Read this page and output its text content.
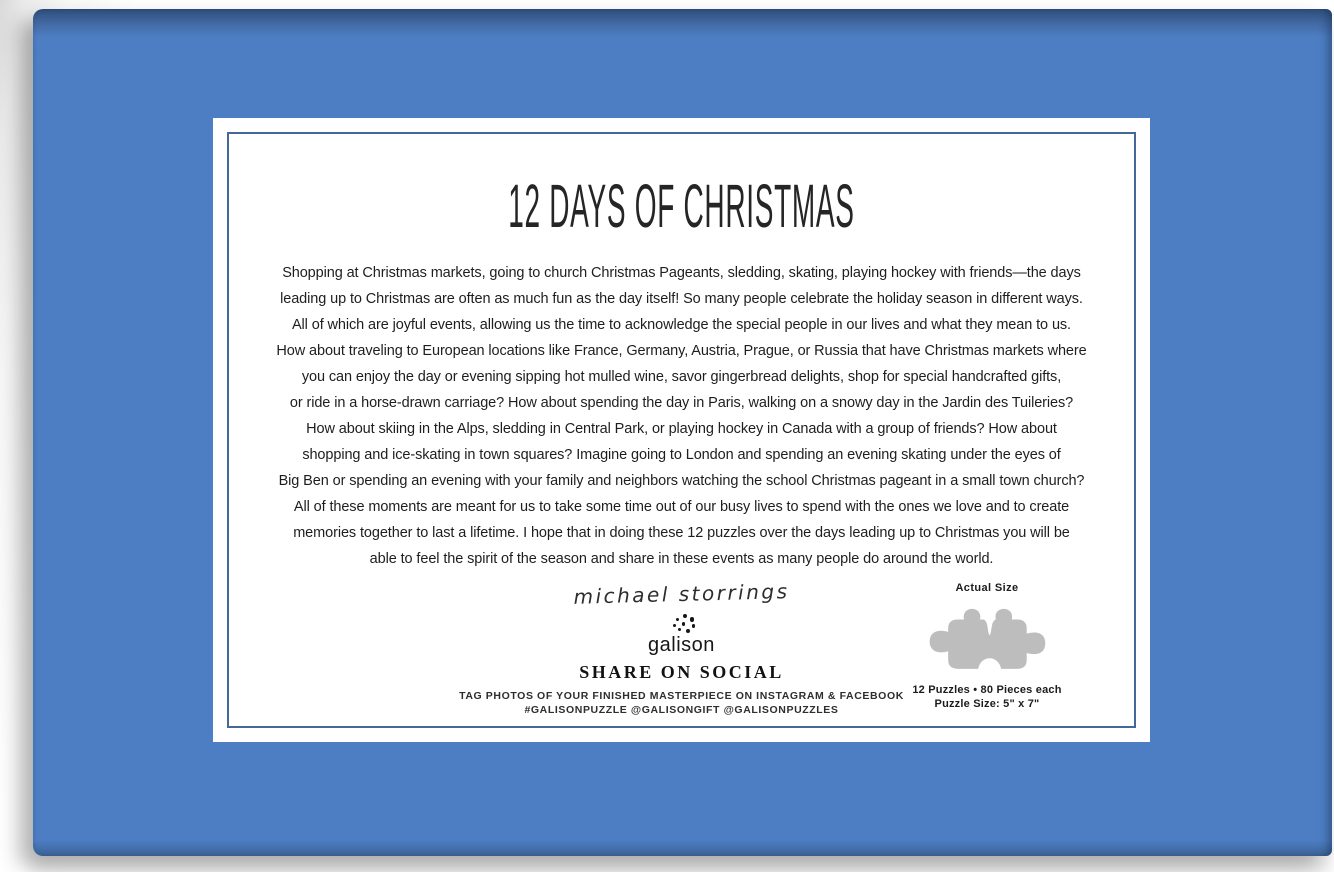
12 DAYS OF CHRISTMAS
Shopping at Christmas markets, going to church Christmas Pageants, sledding, skating, playing hockey with friends—the days
leading up to Christmas are often as much fun as the day itself! So many people celebrate the holiday season in different ways.
All of which are joyful events, allowing us the time to acknowledge the special people in our lives and what they mean to us.
How about traveling to European locations like France, Germany, Austria, Prague, or Russia that have Christmas markets where
you can enjoy the day or evening sipping hot mulled wine, savor gingerbread delights, shop for special handcrafted gifts,
or ride in a horse-drawn carriage? How about spending the day in Paris, walking on a snowy day in the Jardin des Tuileries?
How about skiing in the Alps, sledding in Central Park, or playing hockey in Canada with a group of friends? How about
shopping and ice-skating in town squares? Imagine going to London and spending an evening skating under the eyes of
Big Ben or spending an evening with your family and neighbors watching the school Christmas pageant in a small town church?
All of these moments are meant for us to take some time out of our busy lives to spend with the ones we love and to create
memories together to last a lifetime. I hope that in doing these 12 puzzles over the days leading up to Christmas you will be
able to feel the spirit of the season and share in these events as many people do around the world.
michael storrings
galison
SHARE ON SOCIAL
TAG PHOTOS OF YOUR FINISHED MASTERPIECE ON INSTAGRAM & FACEBOOK
#GALISONPUZZLE @GALISONGIFT @GALISONPUZZLES
Actual Size
12 Puzzles • 80 Pieces each
Puzzle Size: 5" x 7"
